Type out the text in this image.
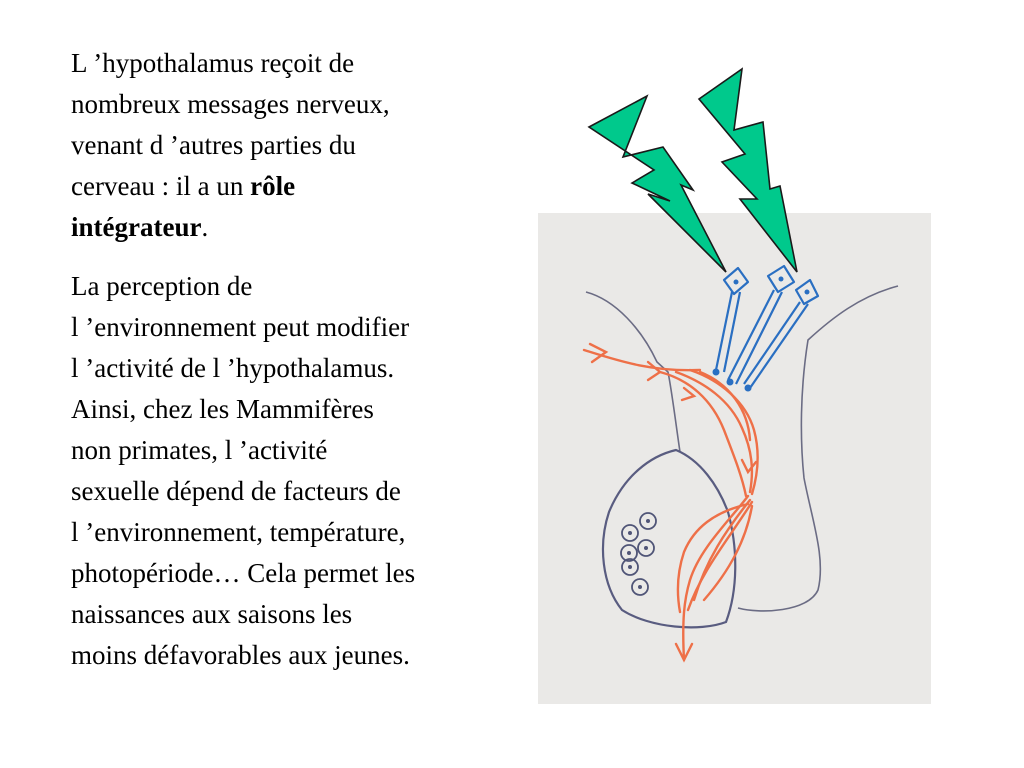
L ’hypothalamus reçoit de
nombreux messages nerveux,
venant d ’autres parties du
cerveau : il a un rôle
intégrateur.

La perception de
l ’environnement peut modifier
l ’activité de l ’hypothalamus.
Ainsi, chez les Mammifères
non primates, l ’activité
sexuelle dépend de facteurs de
l ’environnement, température,
photopériode… Cela permet les
naissances aux saisons les
moins défavorables aux jeunes.
